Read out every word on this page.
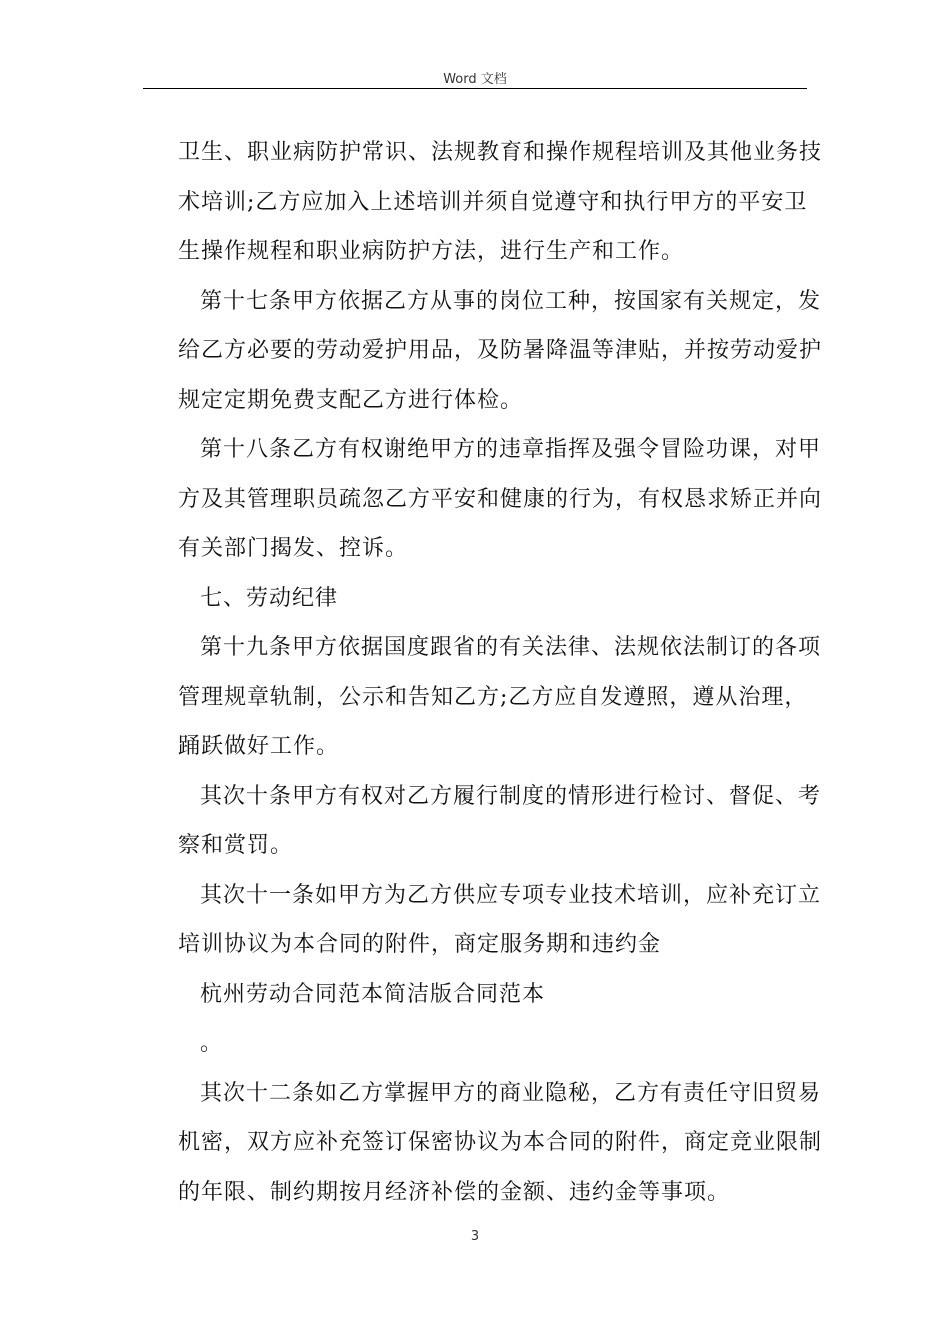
Word 文档
卫生、职业病防护常识、法规教育和操作规程培训及其他业务技
术培训;乙方应加入上述培训并须自觉遵守和执行甲方的平安卫
生操作规程和职业病防护方法，进行生产和工作。
第十七条甲方依据乙方从事的岗位工种，按国家有关规定，发
给乙方必要的劳动爱护用品，及防暑降温等津贴，并按劳动爱护
规定定期免费支配乙方进行体检。
第十八条乙方有权谢绝甲方的违章指挥及强令冒险功课，对甲
方及其管理职员疏忽乙方平安和健康的行为，有权恳求矫正并向
有关部门揭发、控诉。
七、劳动纪律
第十九条甲方依据国度跟省的有关法律、法规依法制订的各项
管理规章轨制，公示和告知乙方;乙方应自发遵照，遵从治理，
踊跃做好工作。
其次十条甲方有权对乙方履行制度的情形进行检讨、督促、考
察和赏罚。
其次十一条如甲方为乙方供应专项专业技术培训，应补充订立
培训协议为本合同的附件，商定服务期和违约金
杭州劳动合同范本简洁版合同范本
。
其次十二条如乙方掌握甲方的商业隐秘，乙方有责任守旧贸易
机密，双方应补充签订保密协议为本合同的附件，商定竞业限制
的年限、制约期按月经济补偿的金额、违约金等事项。
3
